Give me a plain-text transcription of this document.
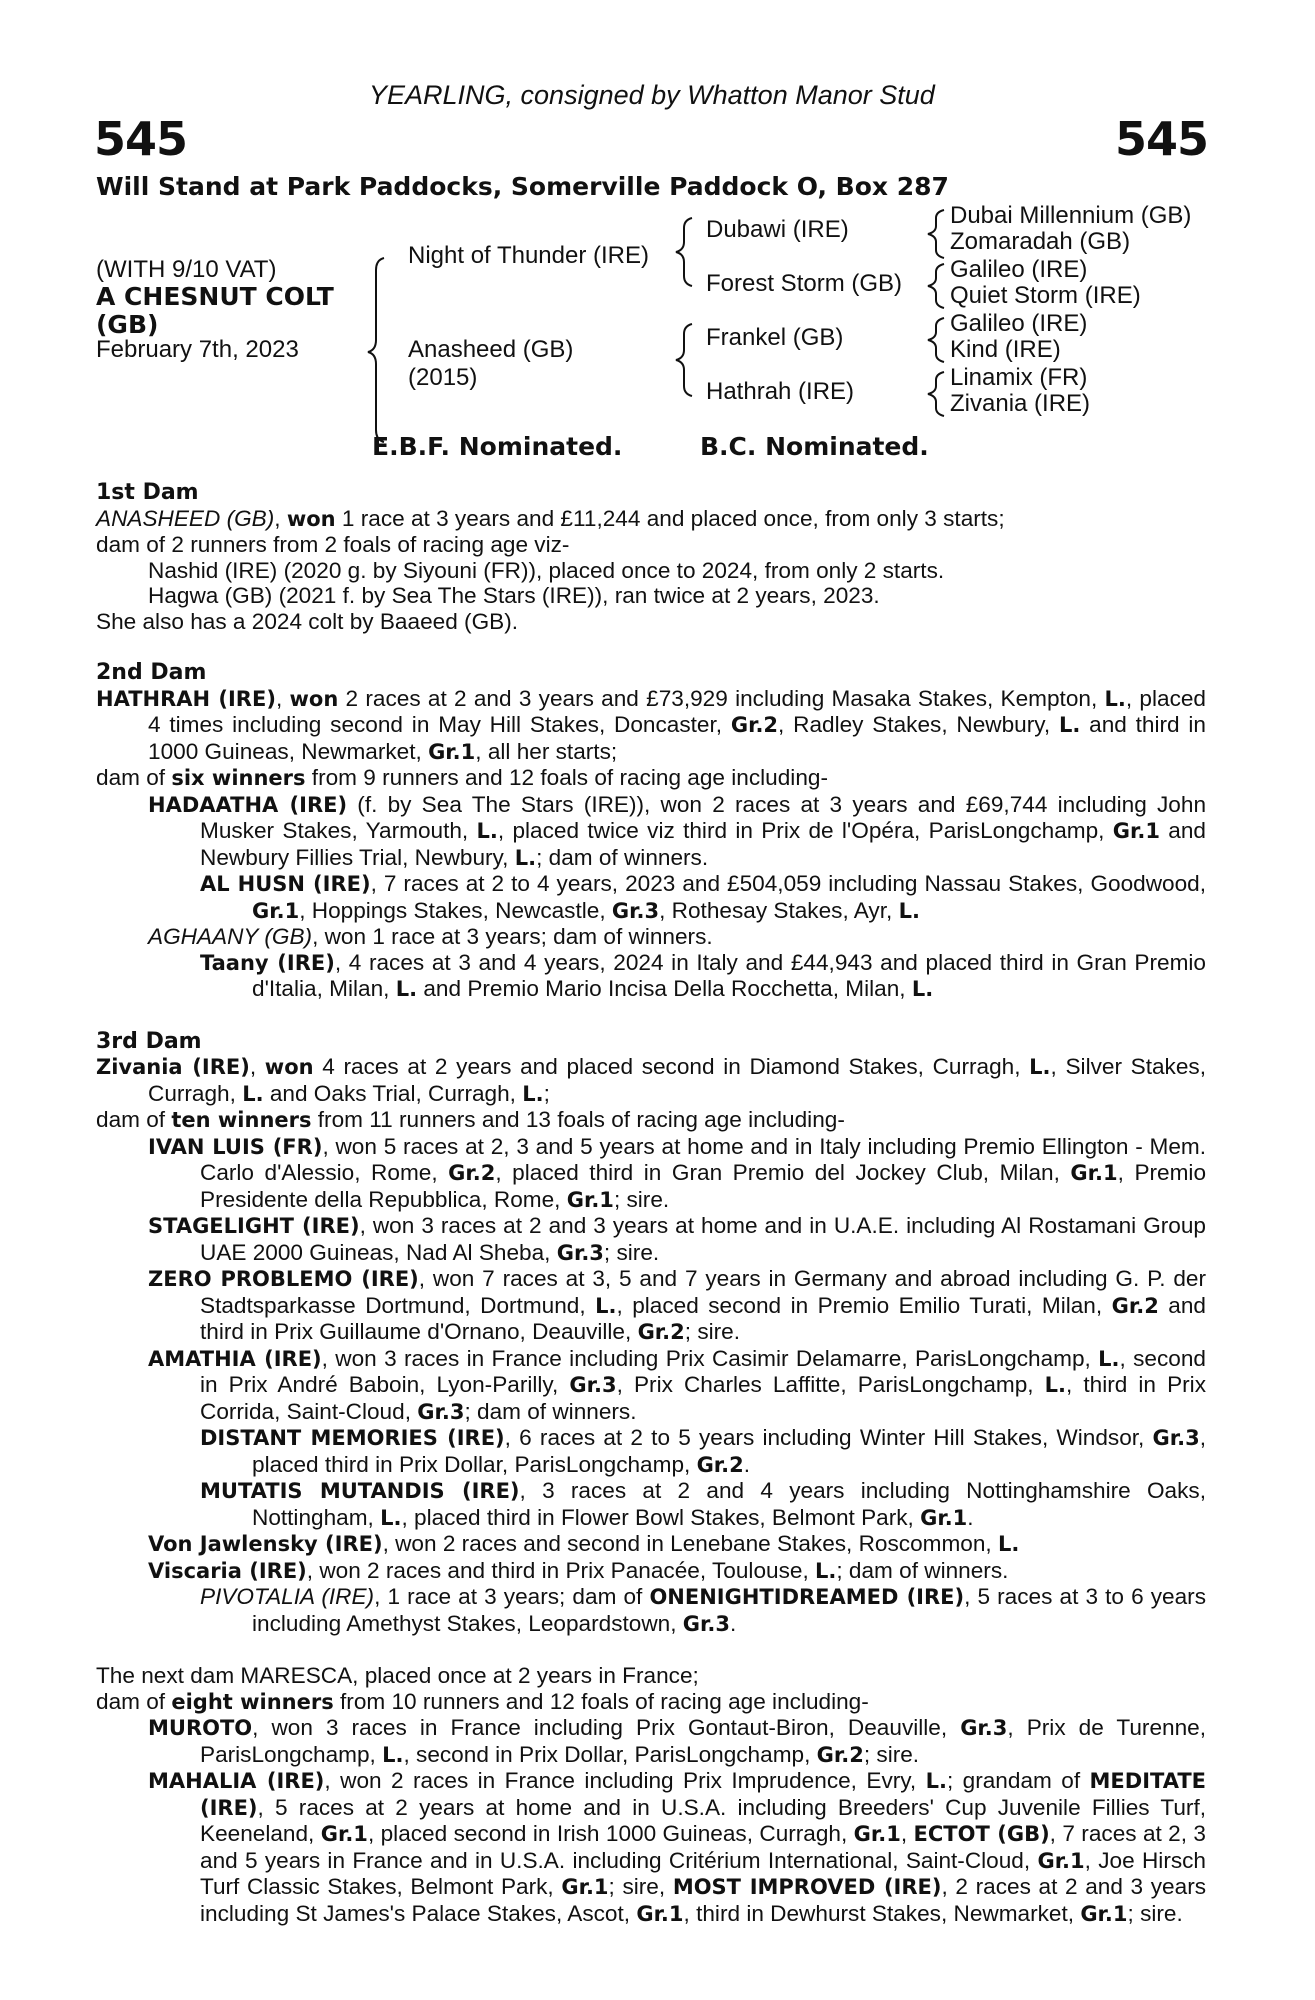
YEARLING, consigned by Whatton Manor Stud
545	545
Will Stand at Park Paddocks, Somerville Paddock O, Box 287
(WITH 9/10 VAT)
A CHESNUT COLT
(GB)
February 7th, 2023
Night of Thunder (IRE)
Anasheed (GB)
(2015)
Dubawi (IRE)
Forest Storm (GB)
Frankel (GB)
Hathrah (IRE)
Dubai Millennium (GB)
Zomaradah (GB)
Galileo (IRE)
Quiet Storm (IRE)
Galileo (IRE)
Kind (IRE)
Linamix (FR)
Zivania (IRE)
E.B.F. Nominated.	B.C. Nominated.
1st Dam

ANASHEED (GB), won 1 race at 3 years and £11,244 and placed once, from only 3 starts;

dam of 2 runners from 2 foals of racing age viz-

Nashid (IRE) (2020 g. by Siyouni (FR)), placed once to 2024, from only 2 starts.

Hagwa (GB) (2021 f. by Sea The Stars (IRE)), ran twice at 2 years, 2023.

She also has a 2024 colt by Baaeed (GB).

2nd Dam

HATHRAH (IRE), won 2 races at 2 and 3 years and £73,929 including Masaka Stakes, Kempton, L., placed 4 times including second in May Hill Stakes, Doncaster, Gr.2, Radley Stakes, Newbury, L. and third in 1000 Guineas, Newmarket, Gr.1, all her starts;

dam of six winners from 9 runners and 12 foals of racing age including-

HADAATHA (IRE) (f. by Sea The Stars (IRE)), won 2 races at 3 years and £69,744 including John Musker Stakes, Yarmouth, L., placed twice viz third in Prix de l'Opéra, ParisLongchamp, Gr.1 and Newbury Fillies Trial, Newbury, L.; dam of winners.

AL HUSN (IRE), 7 races at 2 to 4 years, 2023 and £504,059 including Nassau Stakes, Goodwood, Gr.1, Hoppings Stakes, Newcastle, Gr.3, Rothesay Stakes, Ayr, L.

AGHAANY (GB), won 1 race at 3 years; dam of winners.

Taany (IRE), 4 races at 3 and 4 years, 2024 in Italy and £44,943 and placed third in Gran Premio d'Italia, Milan, L. and Premio Mario Incisa Della Rocchetta, Milan, L.

3rd Dam

Zivania (IRE), won 4 races at 2 years and placed second in Diamond Stakes, Curragh, L., Silver Stakes, Curragh, L. and Oaks Trial, Curragh, L.;

dam of ten winners from 11 runners and 13 foals of racing age including-

IVAN LUIS (FR), won 5 races at 2, 3 and 5 years at home and in Italy including Premio Ellington - Mem. Carlo d'Alessio, Rome, Gr.2, placed third in Gran Premio del Jockey Club, Milan, Gr.1, Premio Presidente della Repubblica, Rome, Gr.1; sire.

STAGELIGHT (IRE), won 3 races at 2 and 3 years at home and in U.A.E. including Al Rostamani Group UAE 2000 Guineas, Nad Al Sheba, Gr.3; sire.

ZERO PROBLEMO (IRE), won 7 races at 3, 5 and 7 years in Germany and abroad including G. P. der Stadtsparkasse Dortmund, Dortmund, L., placed second in Premio Emilio Turati, Milan, Gr.2 and third in Prix Guillaume d'Ornano, Deauville, Gr.2; sire.

AMATHIA (IRE), won 3 races in France including Prix Casimir Delamarre, ParisLongchamp, L., second in Prix André Baboin, Lyon-Parilly, Gr.3, Prix Charles Laffitte, ParisLongchamp, L., third in Prix Corrida, Saint-Cloud, Gr.3; dam of winners.

DISTANT MEMORIES (IRE), 6 races at 2 to 5 years including Winter Hill Stakes, Windsor, Gr.3, placed third in Prix Dollar, ParisLongchamp, Gr.2.

MUTATIS MUTANDIS (IRE), 3 races at 2 and 4 years including Nottinghamshire Oaks, Nottingham, L., placed third in Flower Bowl Stakes, Belmont Park, Gr.1.

Von Jawlensky (IRE), won 2 races and second in Lenebane Stakes, Roscommon, L.

Viscaria (IRE), won 2 races and third in Prix Panacée, Toulouse, L.; dam of winners.

PIVOTALIA (IRE), 1 race at 3 years; dam of ONENIGHTIDREAMED (IRE), 5 races at 3 to 6 years including Amethyst Stakes, Leopardstown, Gr.3.

The next dam MARESCA, placed once at 2 years in France;

dam of eight winners from 10 runners and 12 foals of racing age including-

MUROTO, won 3 races in France including Prix Gontaut-Biron, Deauville, Gr.3, Prix de Turenne, ParisLongchamp, L., second in Prix Dollar, ParisLongchamp, Gr.2; sire.

MAHALIA (IRE), won 2 races in France including Prix Imprudence, Evry, L.; grandam of MEDITATE (IRE), 5 races at 2 years at home and in U.S.A. including Breeders' Cup Juvenile Fillies Turf, Keeneland, Gr.1, placed second in Irish 1000 Guineas, Curragh, Gr.1, ECTOT (GB), 7 races at 2, 3 and 5 years in France and in U.S.A. including Critérium International, Saint-Cloud, Gr.1, Joe Hirsch Turf Classic Stakes, Belmont Park, Gr.1; sire, MOST IMPROVED (IRE), 2 races at 2 and 3 years including St James's Palace Stakes, Ascot, Gr.1, third in Dewhurst Stakes, Newmarket, Gr.1; sire.
